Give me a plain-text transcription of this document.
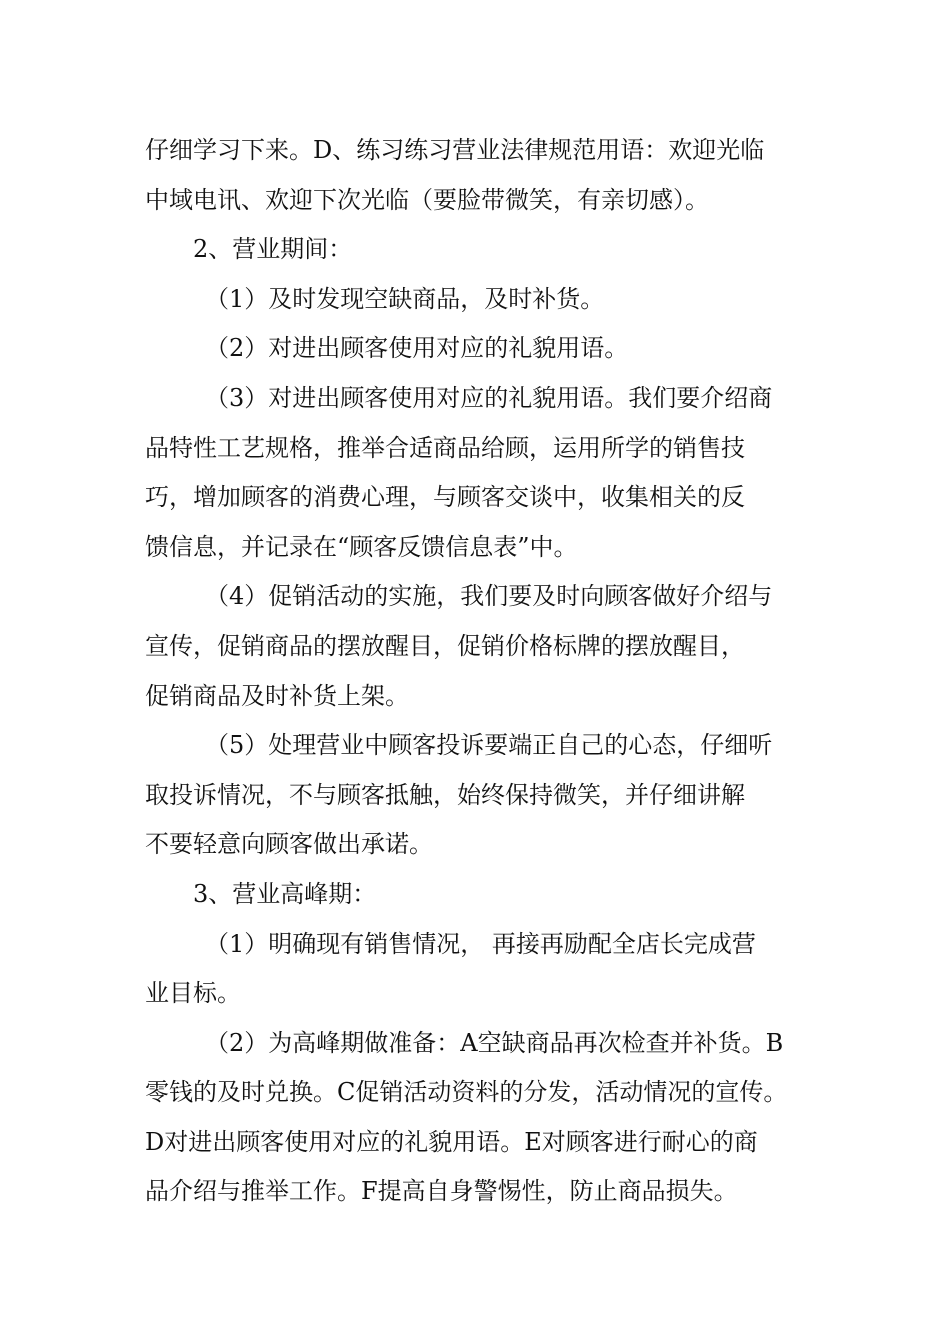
仔细学习下来。D、练习练习营业法律规范用语：欢迎光临
中域电讯、欢迎下次光临（要脸带微笑，有亲切感）。

2、营业期间：

（1）及时发现空缺商品，及时补货。

（2）对进出顾客使用对应的礼貌用语。

（3）对进出顾客使用对应的礼貌用语。我们要介绍商
品特性工艺规格，推举合适商品给顾，运用所学的销售技
巧，增加顾客的消费心理，与顾客交谈中，收集相关的反
馈信息，并记录在“顾客反馈信息表”中。

（4）促销活动的实施，我们要及时向顾客做好介绍与
宣传，促销商品的摆放醒目，促销价格标牌的摆放醒目，
促销商品及时补货上架。

（5）处理营业中顾客投诉要端正自己的心态，仔细听
取投诉情况，不与顾客抵触，始终保持微笑，并仔细讲解
不要轻意向顾客做出承诺。

3、营业高峰期：

（1）明确现有销售情况， 再接再励配全店长完成营
业目标。

（2）为高峰期做准备：A空缺商品再次检查并补货。B
零钱的及时兑换。C促销活动资料的分发，活动情况的宣传。
D对进出顾客使用对应的礼貌用语。E对顾客进行耐心的商
品介绍与推举工作。F提高自身警惕性，防止商品损失。
